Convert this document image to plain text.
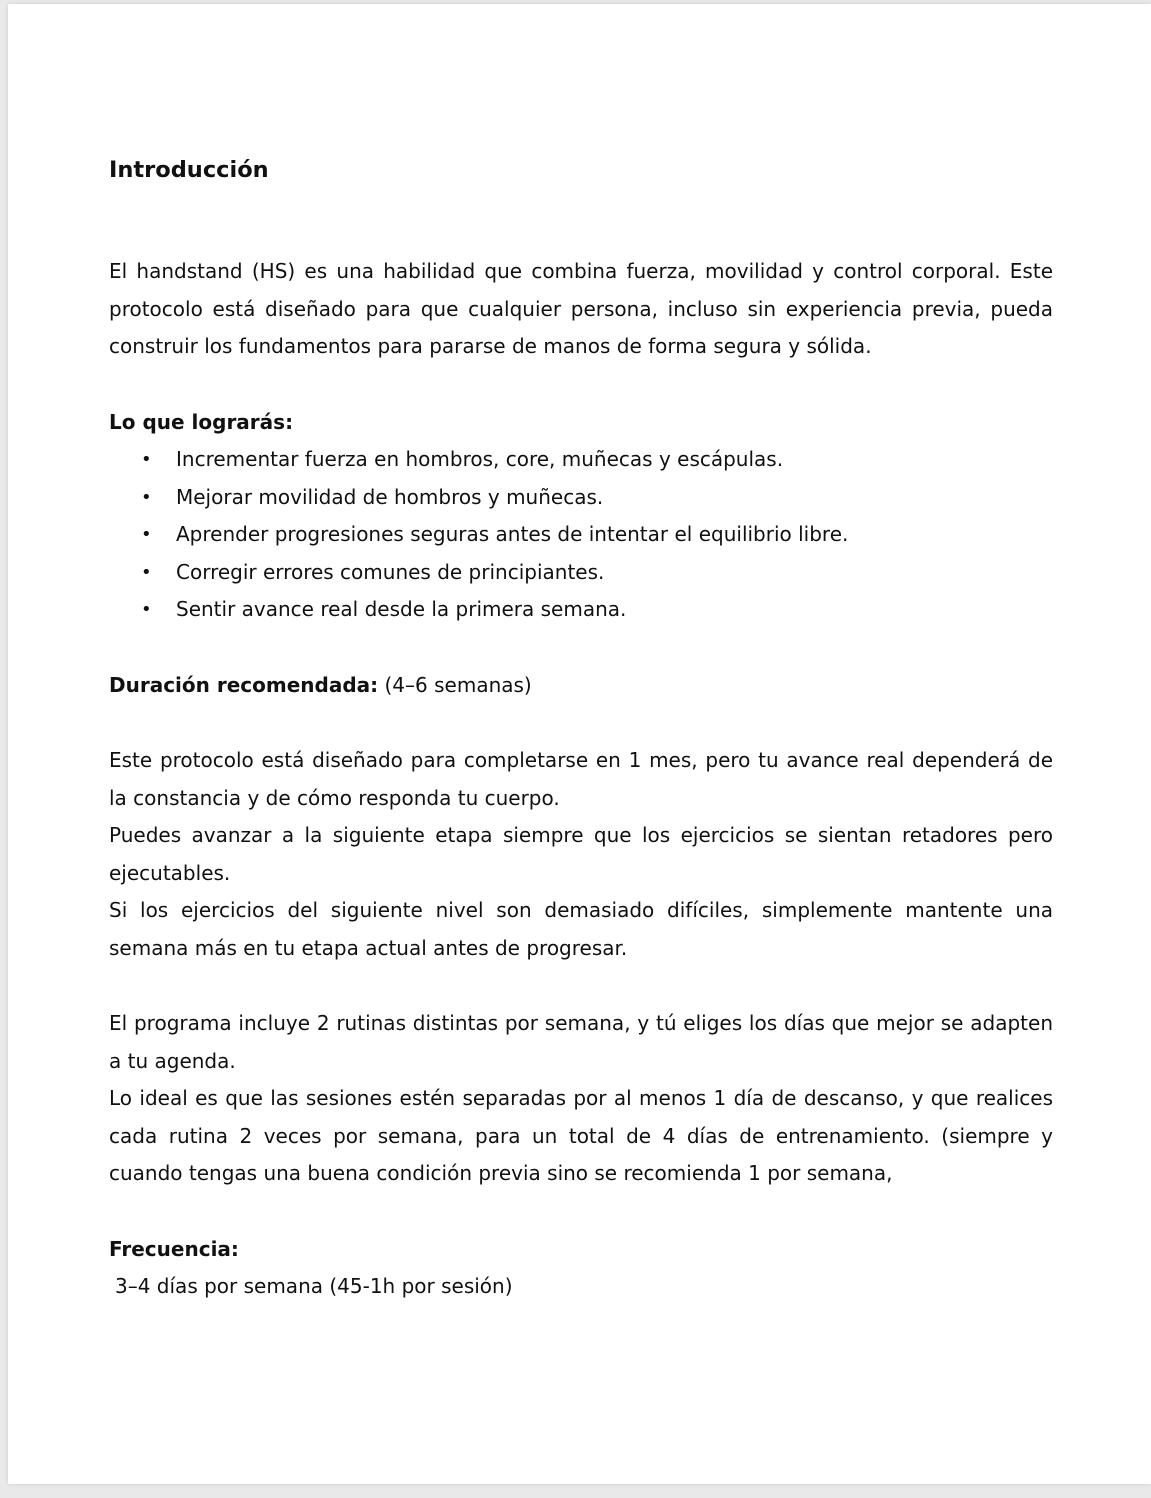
Introducción

El handstand (HS) es una habilidad que combina fuerza, movilidad y control corporal. Este protocolo está diseñado para que cualquier persona, incluso sin experiencia previa, pueda construir los fundamentos para pararse de manos de forma segura y sólida.

Lo que lograrás:
• Incrementar fuerza en hombros, core, muñecas y escápulas.
• Mejorar movilidad de hombros y muñecas.
• Aprender progresiones seguras antes de intentar el equilibrio libre.
• Corregir errores comunes de principiantes.
• Sentir avance real desde la primera semana.
Duración recomendada: (4–6 semanas)

Este protocolo está diseñado para completarse en 1 mes, pero tu avance real dependerá de la constancia y de cómo responda tu cuerpo.

Puedes avanzar a la siguiente etapa siempre que los ejercicios se sientan retadores pero ejecutables.

Si los ejercicios del siguiente nivel son demasiado difíciles, simplemente mantente una semana más en tu etapa actual antes de progresar.

El programa incluye 2 rutinas distintas por semana, y tú eliges los días que mejor se adapten a tu agenda.

Lo ideal es que las sesiones estén separadas por al menos 1 día de descanso, y que realices cada rutina 2 veces por semana, para un total de 4 días de entrenamiento. (siempre y cuando tengas una buena condición previa sino se recomienda 1 por semana,

Frecuencia:
3–4 días por semana (45-1h por sesión)
